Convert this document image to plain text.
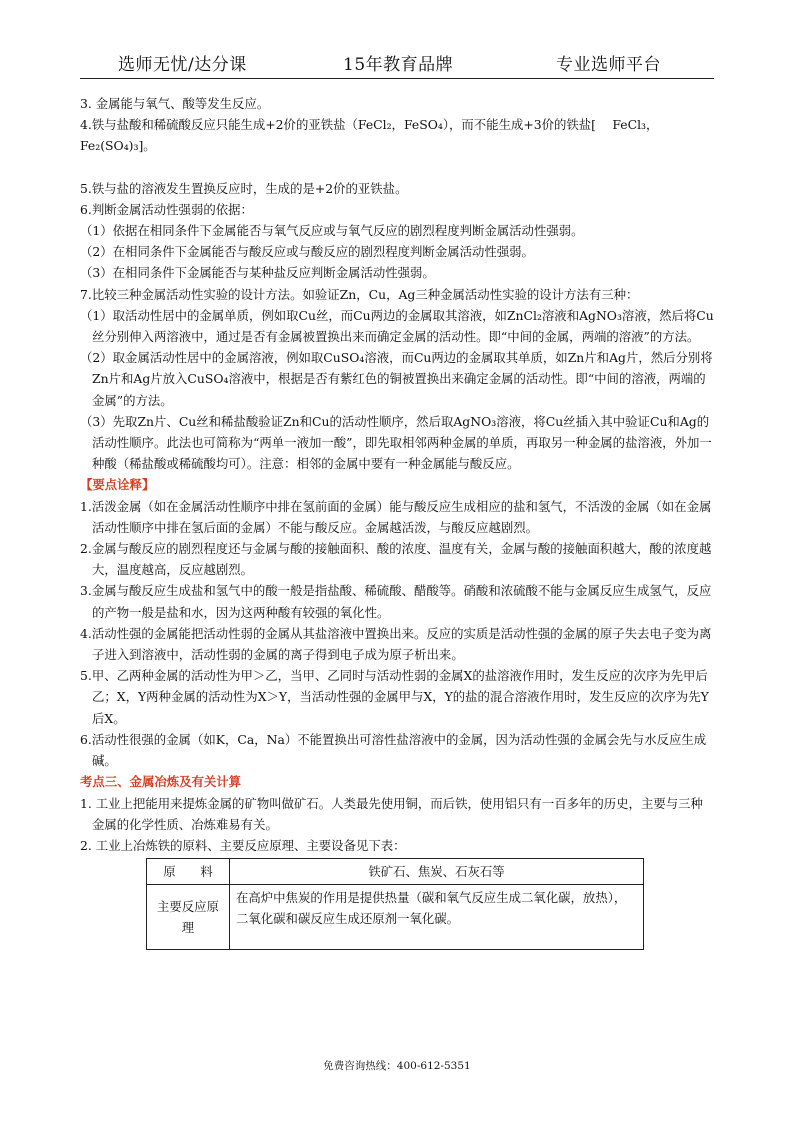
选师无忧/达分课	15年教育品牌	专业选师平台

3. 金属能与氧气、酸等发生反应。

4.铁与盐酸和稀硫酸反应只能生成+2价的亚铁盐（FeCl₂，FeSO₄），而不能生成+3价的铁盐[　 FeCl₃，Fe₂(SO₄)₃]。

5.铁与盐的溶液发生置换反应时，生成的是+2价的亚铁盐。

6.判断金属活动性强弱的依据：

（1）依据在相同条件下金属能否与氧气反应或与氧气反应的剧烈程度判断金属活动性强弱。

（2）在相同条件下金属能否与酸反应或与酸反应的剧烈程度判断金属活动性强弱。

（3）在相同条件下金属能否与某种盐反应判断金属活动性强弱。

7.比较三种金属活动性实验的设计方法。如验证Zn，Cu，Ag三种金属活动性实验的设计方法有三种：

（1）取活动性居中的金属单质，例如取Cu丝，而Cu两边的金属取其溶液，如ZnCl₂溶液和AgNO₃溶液，然后将Cu丝分别伸入两溶液中，通过是否有金属被置换出来而确定金属的活动性。即“中间的金属，两端的溶液”的方法。

（2）取金属活动性居中的金属溶液，例如取CuSO₄溶液，而Cu两边的金属取其单质，如Zn片和Ag片，然后分别将Zn片和Ag片放入CuSO₄溶液中，根据是否有紫红色的铜被置换出来确定金属的活动性。即“中间的溶液，两端的金属”的方法。

（3）先取Zn片、Cu丝和稀盐酸验证Zn和Cu的活动性顺序，然后取AgNO₃溶液，将Cu丝插入其中验证Cu和Ag的活动性顺序。此法也可简称为“两单一液加一酸”，即先取相邻两种金属的单质，再取另一种金属的盐溶液，外加一种酸（稀盐酸或稀硫酸均可）。注意：相邻的金属中要有一种金属能与酸反应。

【要点诠释】

1.活泼金属（如在金属活动性顺序中排在氢前面的金属）能与酸反应生成相应的盐和氢气，不活泼的金属（如在金属活动性顺序中排在氢后面的金属）不能与酸反应。金属越活泼，与酸反应越剧烈。

2.金属与酸反应的剧烈程度还与金属与酸的接触面积、酸的浓度、温度有关，金属与酸的接触面积越大，酸的浓度越大，温度越高，反应越剧烈。

3.金属与酸反应生成盐和氢气中的酸一般是指盐酸、稀硫酸、醋酸等。硝酸和浓硫酸不能与金属反应生成氢气，反应的产物一般是盐和水，因为这两种酸有较强的氧化性。

4.活动性强的金属能把活动性弱的金属从其盐溶液中置换出来。反应的实质是活动性强的金属的原子失去电子变为离子进入到溶液中，活动性弱的金属的离子得到电子成为原子析出来。

5.甲、乙两种金属的活动性为甲＞乙，当甲、乙同时与活动性弱的金属X的盐溶液作用时，发生反应的次序为先甲后乙；X，Y两种金属的活动性为X＞Y，当活动性强的金属甲与X，Y的盐的混合溶液作用时，发生反应的次序为先Y后X。

6.活动性很强的金属（如K，Ca，Na）不能置换出可溶性盐溶液中的金属，因为活动性强的金属会先与水反应生成碱。

考点三、金属冶炼及有关计算

1. 工业上把能用来提炼金属的矿物叫做矿石。人类最先使用铜，而后铁，使用铝只有一百多年的历史，主要与三种金属的化学性质、冶炼难易有关。

2. 工业上冶炼铁的原料、主要反应原理、主要设备见下表：

原　　料	铁矿石、焦炭、石灰石等
主要反应原理	在高炉中焦炭的作用是提供热量（碳和氧气反应生成二氧化碳，放热），二氧化碳和碳反应生成还原剂一氧化碳。
免费咨询热线：400-612-5351
